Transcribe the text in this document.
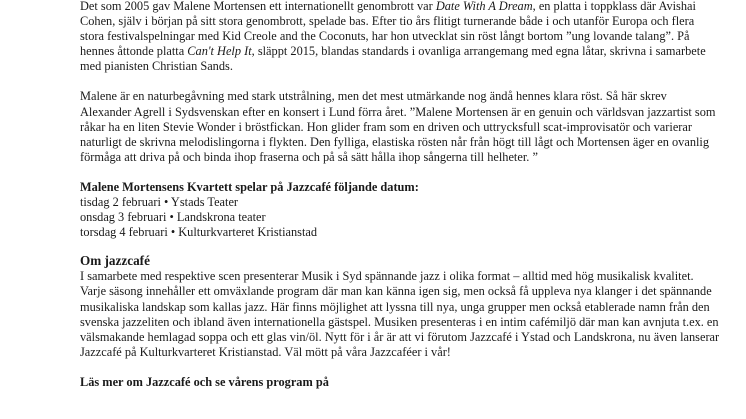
Det som 2005 gav Malene Mortensen ett internationellt genombrott var Date With A Dream, en platta i toppklass där Avishai Cohen, själv i början på sitt stora genombrott, spelade bas. Efter tio års flitigt turnerande både i och utanför Europa och flera stora festivalspelningar med Kid Creole and the Coconuts, har hon utvecklat sin röst långt bortom ”ung lovande talang”. På hennes åttonde platta Can't Help It, släppt 2015, blandas standards i ovanliga arrangemang med egna låtar, skrivna i samarbete med pianisten Christian Sands.

Malene är en naturbegåvning med stark utstrålning, men det mest utmärkande nog ändå hennes klara röst. Så här skrev Alexander Agrell i Sydsvenskan efter en konsert i Lund förra året. ”Malene Mortensen är en genuin och världsvan jazzartist som råkar ha en liten Stevie Wonder i bröstfickan. Hon glider fram som en driven och uttrycksfull scat-improvisatör och varierar naturligt de skrivna melodislingorna i flykten. Den fylliga, elastiska rösten når från högt till lågt och Mortensen äger en ovanlig förmåga att driva på och binda ihop fraserna och på så sätt hålla ihop sångerna till helheter. ”

Malene Mortensens Kvartett spelar på Jazzcafé följande datum:

tisdag 2 februari • Ystads Teater

onsdag 3 februari • Landskrona teater

torsdag 4 februari • Kulturkvarteret Kristianstad

Om jazzcafé

I samarbete med respektive scen presenterar Musik i Syd spännande jazz i olika format – alltid med hög musikalisk kvalitet. Varje säsong innehåller ett omväxlande program där man kan känna igen sig, men också få uppleva nya klanger i det spännande musikaliska landskap som kallas jazz. Här finns möjlighet att lyssna till nya, unga grupper men också etablerade namn från den svenska jazzeliten och ibland även internationella gästspel. Musiken presenteras i en intim cafémiljö där man kan avnjuta t.ex. en välsmakande hemlagad soppa och ett glas vin/öl. Nytt för i år är att vi förutom Jazzcafé i Ystad och Landskrona, nu även lanserar Jazzcafé på Kulturkvarteret Kristianstad. Väl mött på våra Jazzcaféer i vår!

Läs mer om Jazzcafé och se vårens program på
